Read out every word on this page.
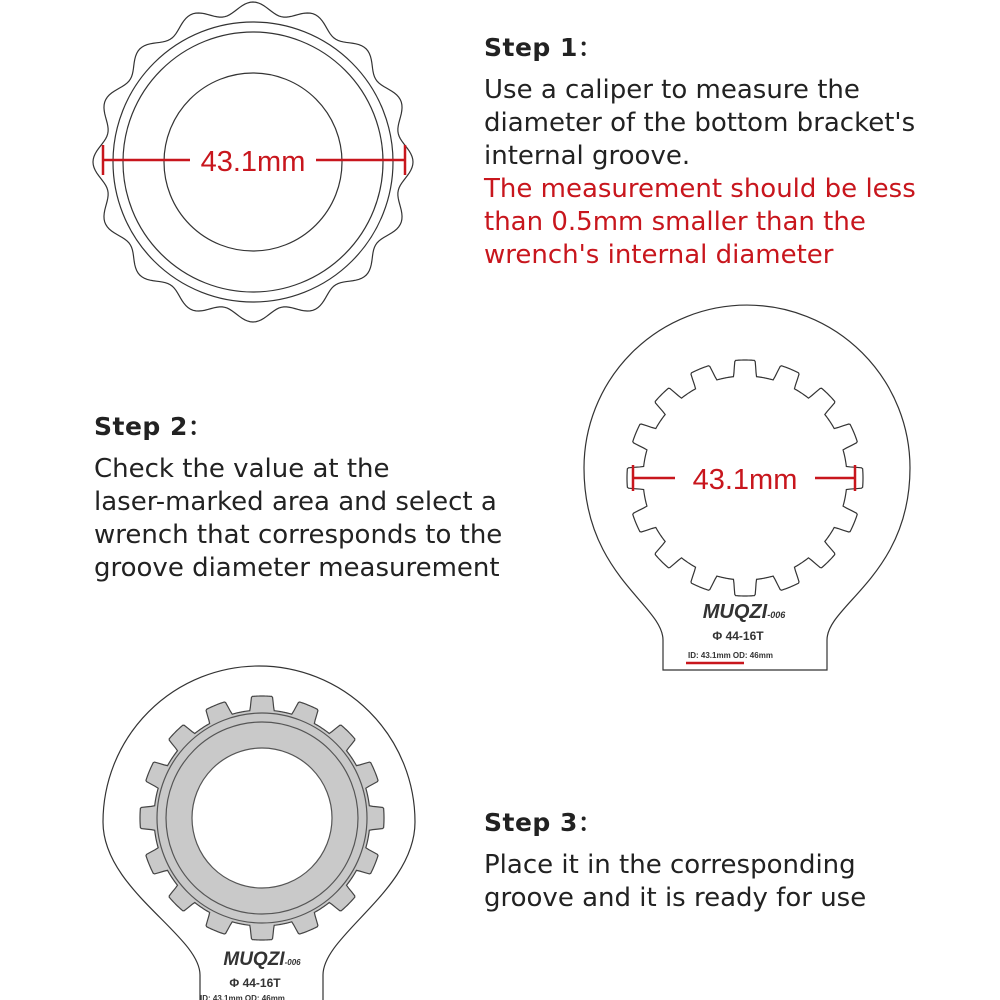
43.1mm
43.1mm
MUQZI-006
Φ 44-16T
ID: 43.1mm OD: 46mm
MUQZI-006
Φ 44-16T
ID: 43.1mm OD: 46mm
Step 1：

Use a caliper to measure the
diameter of the bottom bracket's
internal groove.
The measurement should be less
than 0.5mm smaller than the
wrench's internal diameter

Step 2：

Check the value at the
laser-marked area and select a
wrench that corresponds to the
groove diameter measurement

Step 3：

Place it in the corresponding
groove and it is ready for use
